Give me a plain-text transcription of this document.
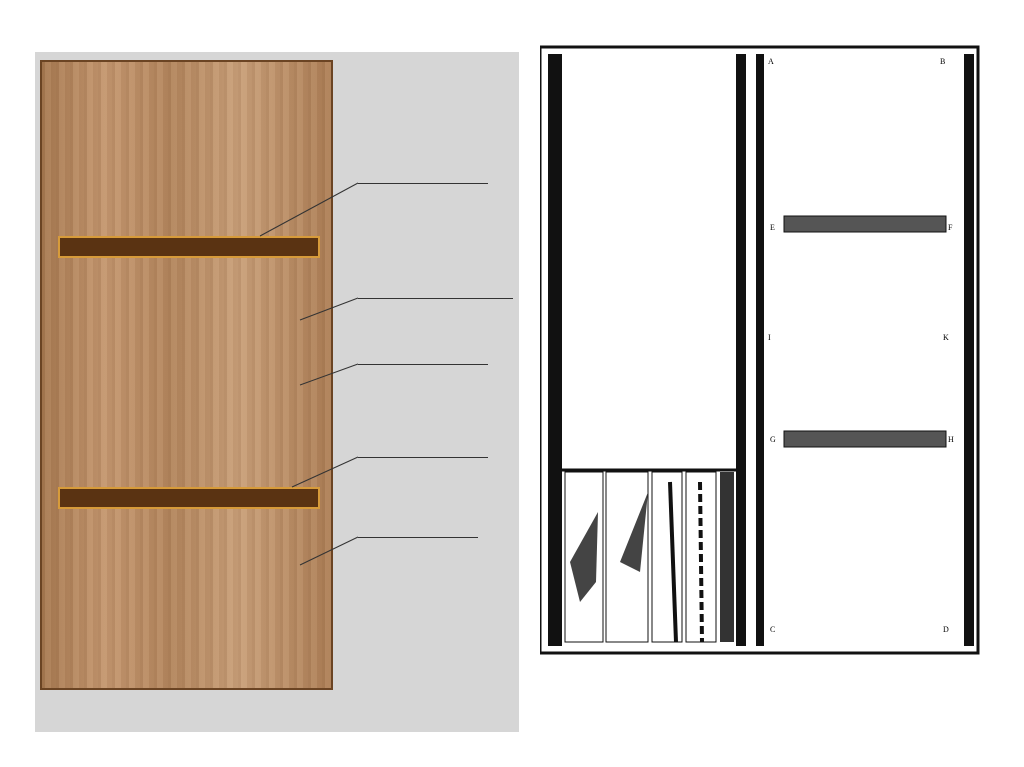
A	B
E	F
I	K
G	H
C	D
